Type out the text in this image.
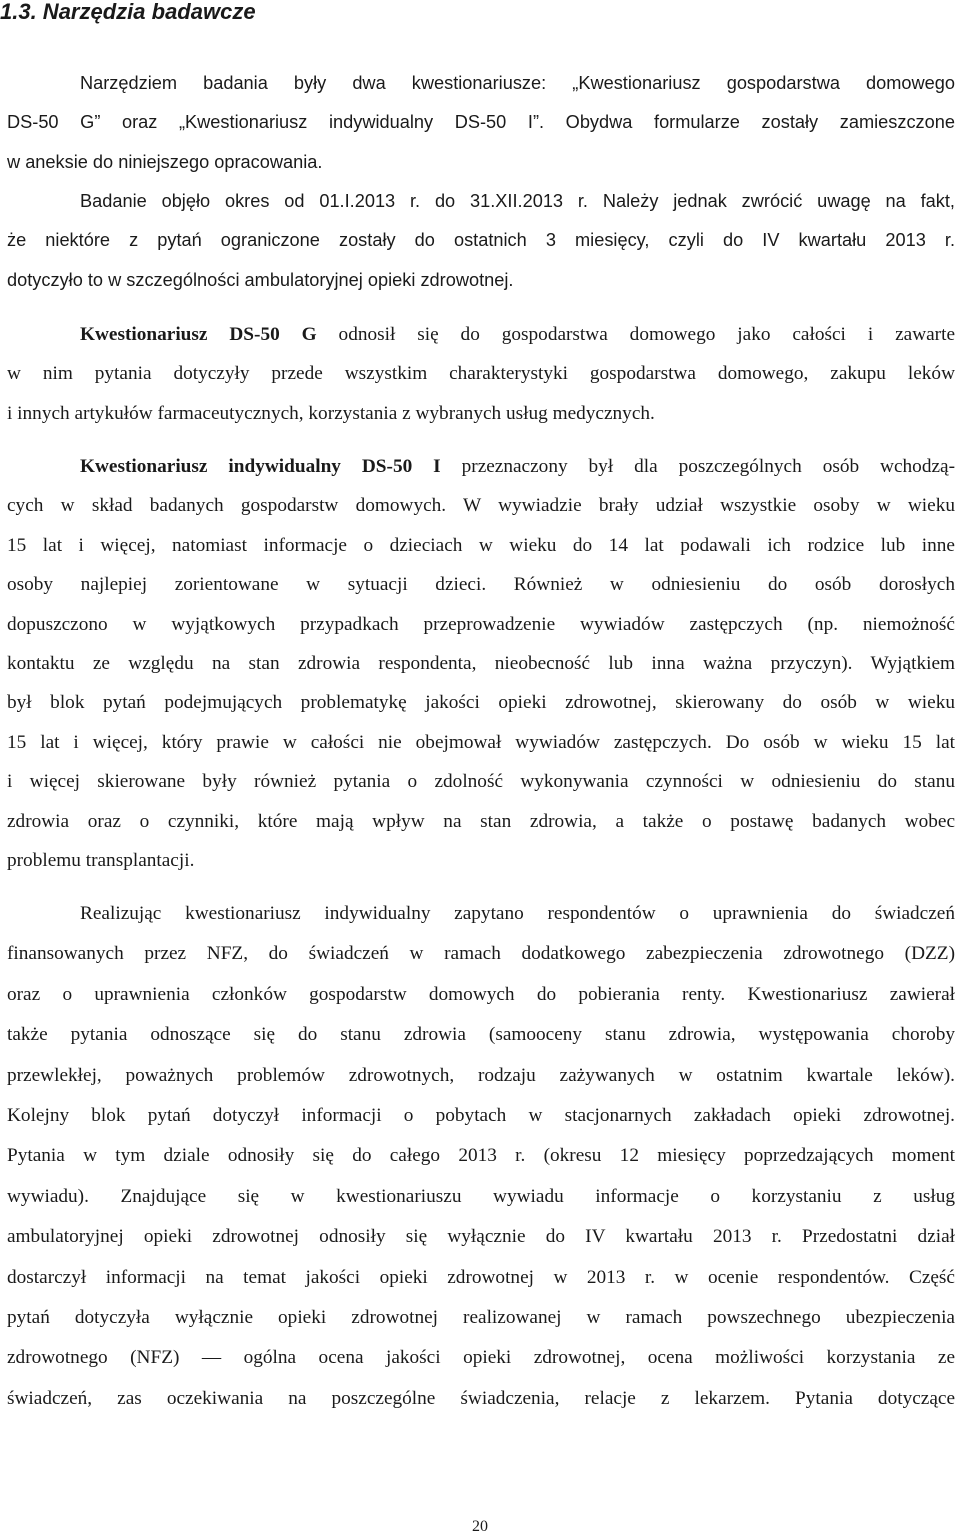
1.3. Narzędzia badawcze
Narzędziem badania były dwa kwestionariusze: „Kwestionariusz gospodarstwa domowego
DS-50 G” oraz „Kwestionariusz indywidualny DS-50 I”. Obydwa formularze zostały zamieszczone
w aneksie do niniejszego opracowania.
Badanie objęło okres od 01.I.2013 r. do 31.XII.2013 r. Należy jednak zwrócić uwagę na fakt,
że niektóre z pytań ograniczone zostały do ostatnich 3 miesięcy, czyli do IV kwartału 2013 r.
dotyczyło to w szczególności ambulatoryjnej opieki zdrowotnej.
Kwestionariusz DS-50 G odnosił się do gospodarstwa domowego jako całości i zawarte
w nim pytania dotyczyły przede wszystkim charakterystyki gospodarstwa domowego, zakupu leków
i innych artykułów farmaceutycznych, korzystania z wybranych usług medycznych.
Kwestionariusz indywidualny DS-50 I przeznaczony był dla poszczególnych osób wchodzą-
cych w skład badanych gospodarstw domowych. W wywiadzie brały udział wszystkie osoby w wieku
15 lat i więcej, natomiast informacje o dzieciach w wieku do 14 lat podawali ich rodzice lub inne
osoby najlepiej zorientowane w sytuacji dzieci. Również w odniesieniu do osób dorosłych
dopuszczono w wyjątkowych przypadkach przeprowadzenie wywiadów zastępczych (np. niemożność
kontaktu ze względu na stan zdrowia respondenta, nieobecność lub inna ważna przyczyn). Wyjątkiem
był blok pytań podejmujących problematykę jakości opieki zdrowotnej, skierowany do osób w wieku
15 lat i więcej, który prawie w całości nie obejmował wywiadów zastępczych. Do osób w wieku 15 lat
i więcej skierowane były również pytania o zdolność wykonywania czynności w odniesieniu do stanu
zdrowia oraz o czynniki, które mają wpływ na stan zdrowia, a także o postawę badanych wobec
problemu transplantacji.
Realizując kwestionariusz indywidualny zapytano respondentów o uprawnienia do świadczeń
finansowanych przez NFZ, do świadczeń w ramach dodatkowego zabezpieczenia zdrowotnego (DZZ)
oraz o uprawnienia członków gospodarstw domowych do pobierania renty. Kwestionariusz zawierał
także pytania odnoszące się do stanu zdrowia (samooceny stanu zdrowia, występowania choroby
przewlekłej, poważnych problemów zdrowotnych, rodzaju zażywanych w ostatnim kwartale leków).
Kolejny blok pytań dotyczył informacji o pobytach w stacjonarnych zakładach opieki zdrowotnej.
Pytania w tym dziale odnosiły się do całego 2013 r. (okresu 12 miesięcy poprzedzających moment
wywiadu). Znajdujące się w kwestionariuszu wywiadu informacje o korzystaniu z usług
ambulatoryjnej opieki zdrowotnej odnosiły się wyłącznie do IV kwartału 2013 r. Przedostatni dział
dostarczył informacji na temat jakości opieki zdrowotnej w 2013 r. w ocenie respondentów. Część
pytań dotyczyła wyłącznie opieki zdrowotnej realizowanej w ramach powszechnego ubezpieczenia
zdrowotnego (NFZ) — ogólna ocena jakości opieki zdrowotnej, ocena możliwości korzystania ze
świadczeń, zas oczekiwania na poszczególne świadczenia, relacje z lekarzem. Pytania dotyczące
20
